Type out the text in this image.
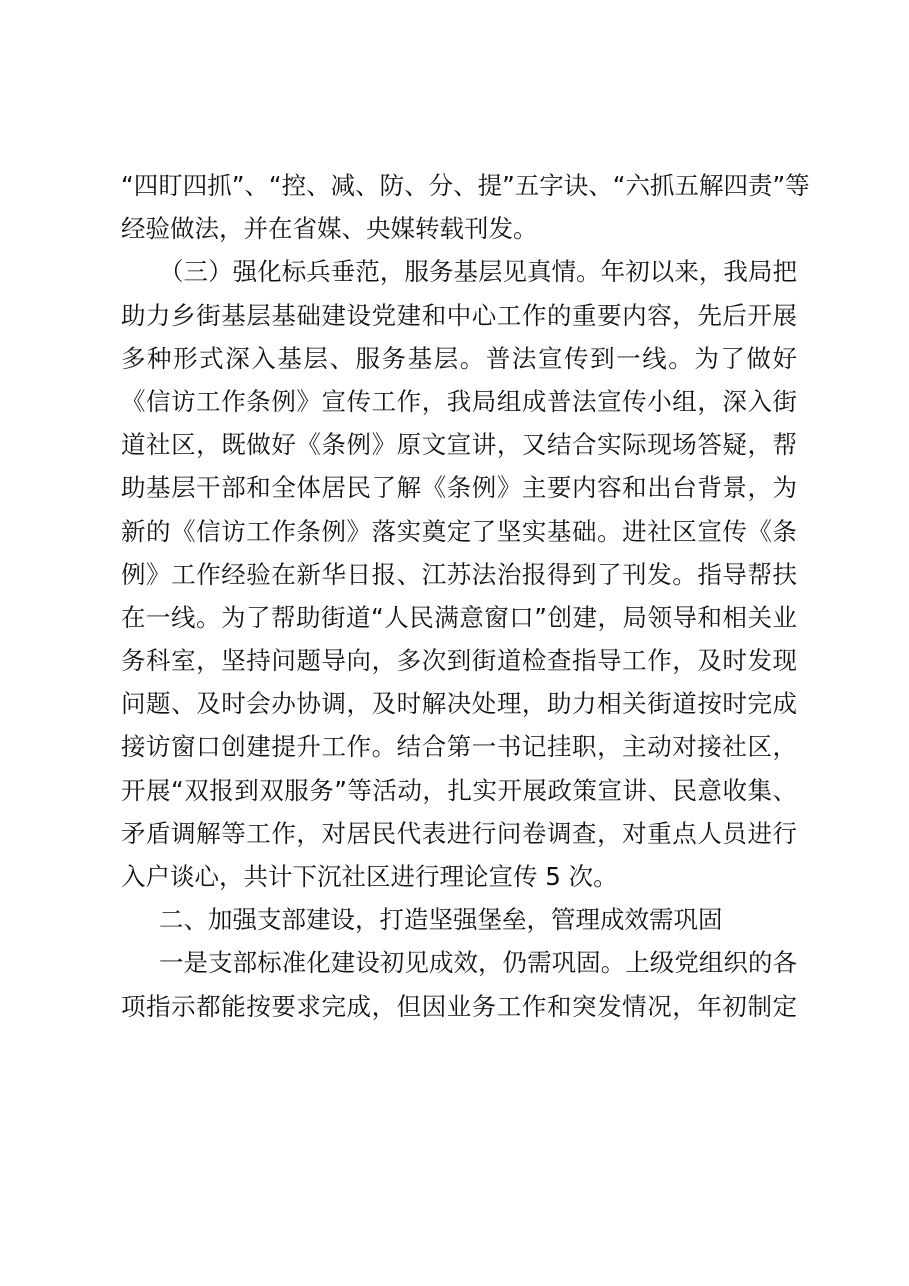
“四盯四抓”、“控、减、防、分、提”五字诀、“六抓五解四责”等
经验做法，并在省媒、央媒转载刊发。
（三）强化标兵垂范，服务基层见真情。年初以来，我局把
助力乡街基层基础建设党建和中心工作的重要内容，先后开展
多种形式深入基层、服务基层。普法宣传到一线。为了做好
《信访工作条例》宣传工作，我局组成普法宣传小组，深入街
道社区，既做好《条例》原文宣讲，又结合实际现场答疑，帮
助基层干部和全体居民了解《条例》主要内容和出台背景，为
新的《信访工作条例》落实奠定了坚实基础。进社区宣传《条
例》工作经验在新华日报、江苏法治报得到了刊发。指导帮扶
在一线。为了帮助街道“人民满意窗口”创建，局领导和相关业
务科室，坚持问题导向，多次到街道检查指导工作，及时发现
问题、及时会办协调，及时解决处理，助力相关街道按时完成
接访窗口创建提升工作。结合第一书记挂职，主动对接社区，
开展“双报到双服务”等活动，扎实开展政策宣讲、民意收集、
矛盾调解等工作，对居民代表进行问卷调查，对重点人员进行
入户谈心，共计下沉社区进行理论宣传 5 次。
二、加强支部建设，打造坚强堡垒，管理成效需巩固
一是支部标准化建设初见成效，仍需巩固。上级党组织的各
项指示都能按要求完成，但因业务工作和突发情况，年初制定
